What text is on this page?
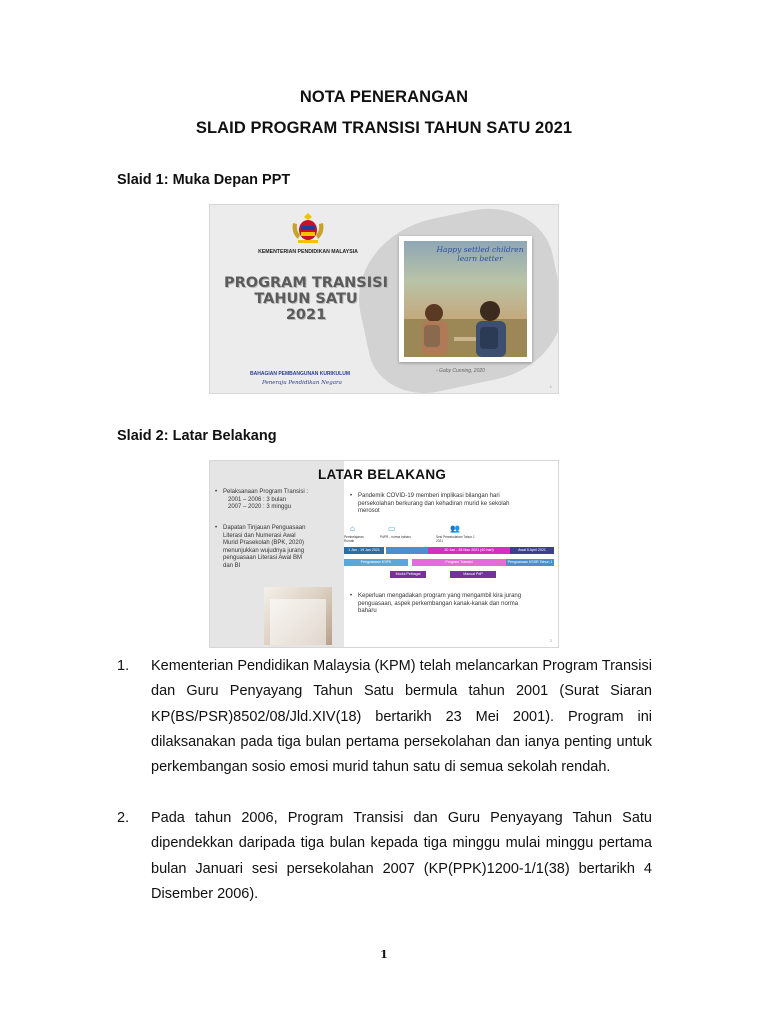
NOTA PENERANGAN
SLAID PROGRAM TRANSISI TAHUN SATU 2021
Slaid 1: Muka Depan PPT
KEMENTERIAN PENDIDIKAN MALAYSIA
PROGRAM TRANSISI
TAHUN SATU
2021
Happy settled children
learn better
BAHAGIAN PEMBANGUNAN KURIKULUM
Peneraju Pendidikan Negara
- Gaby Cunning, 2020
1
Slaid 2: Latar Belakang
LATAR BELAKANG
• Pelaksanaan Program Transisi :
2001 – 2006 : 3 bulan
2007 – 2020 : 3 minggu
• Dapatan Tinjauan Penguasaan
Literasi dan Numerasi Awal
Murid Prasekolah (BPK, 2020)
menunjukkan wujudnya jurang
penguasaan Literasi Awal BM
dan BI
• Pandemik COVID-19 memberi implikasi bilangan hari
persekolahan berkurang dan kehadiran murid ke sekolah
merosot
⌂	▭	👥
Pembelajaran Rumah
PdPR - norma baharu	Sesi Persekolahan Tahun 1 2021
1 Jan - 19 Jan 2021	20 Jan - 28 Mac 2021 (40 hari)	Awal 5 April 2021
Penguasaan KSPK	Program Transisi	Penguasaan KSSR Tahun 1
Modul Pelbagai	Manual PdP
• Keperluan mengadakan program yang mengambil kira jurang
penguasaan, aspek perkembangan kanak-kanak dan norma
baharu
2
1. Kementerian Pendidikan Malaysia (KPM) telah melancarkan Program Transisi dan Guru Penyayang Tahun Satu bermula tahun 2001 (Surat Siaran KP(BS/PSR)8502/08/Jld.XIV(18) bertarikh 23 Mei 2001). Program ini dilaksanakan pada tiga bulan pertama persekolahan dan ianya penting untuk perkembangan sosio emosi murid tahun satu di semua sekolah rendah.
2. Pada tahun 2006, Program Transisi dan Guru Penyayang Tahun Satu dipendekkan daripada tiga bulan kepada tiga minggu mulai minggu pertama bulan Januari sesi persekolahan 2007 (KP(PPK)1200-1/1(38) bertarikh 4 Disember 2006).
1
